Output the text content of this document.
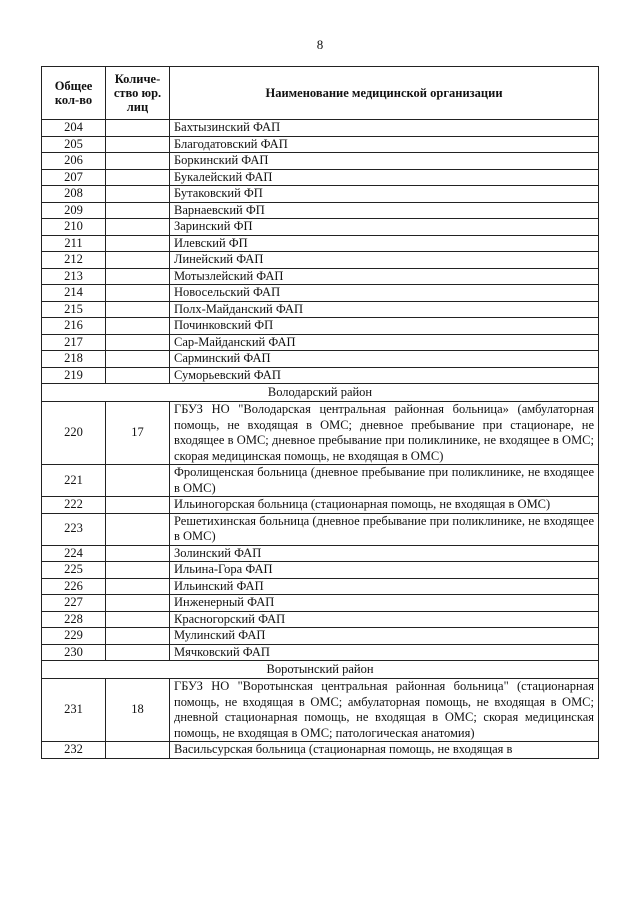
8
Общее кол-во	Количе-ство юр. лиц	Наименование медицинской организации
204		Бахтызинский ФАП
205		Благодатовский ФАП
206		Боркинский ФАП
207		Букалейский ФАП
208		Бутаковский ФП
209		Варнаевский ФП
210		Заринский ФП
211		Илевский ФП
212		Линейский ФАП
213		Мотызлейский ФАП
214		Новосельский ФАП
215		Полх-Майданский ФАП
216		Починковский ФП
217		Сар-Майданский ФАП
218		Сарминский ФАП
219		Суморьевский ФАП
Володарский район		
220	17	ГБУЗ НО "Володарская центральная районная больница» (амбулаторная помощь, не входящая в ОМС; дневное пребывание при стационаре, не входящее в ОМС; дневное пребывание при поликлинике, не входящее в ОМС; скорая медицинская помощь, не входящая в ОМС)
221		Фролищенская больница (дневное пребывание при поликлинике, не входящее в ОМС)
222		Ильиногорская больница (стационарная помощь, не входящая в ОМС)
223		Решетихинская больница (дневное пребывание при поликлинике, не входящее в ОМС)
224		Золинский ФАП
225		Ильина-Гора ФАП
226		Ильинский ФАП
227		Инженерный ФАП
228		Красногорский ФАП
229		Мулинский ФАП
230		Мячковский ФАП
Воротынский район		
231	18	ГБУЗ НО "Воротынская центральная районная больница" (стационарная помощь, не входящая в ОМС; амбулаторная помощь, не входящая в ОМС; дневной стационарная помощь, не входящая в ОМС; скорая медицинская помощь, не входящая в ОМС; патологическая анатомия)
232		Васильсурская больница (стационарная помощь, не входящая в
